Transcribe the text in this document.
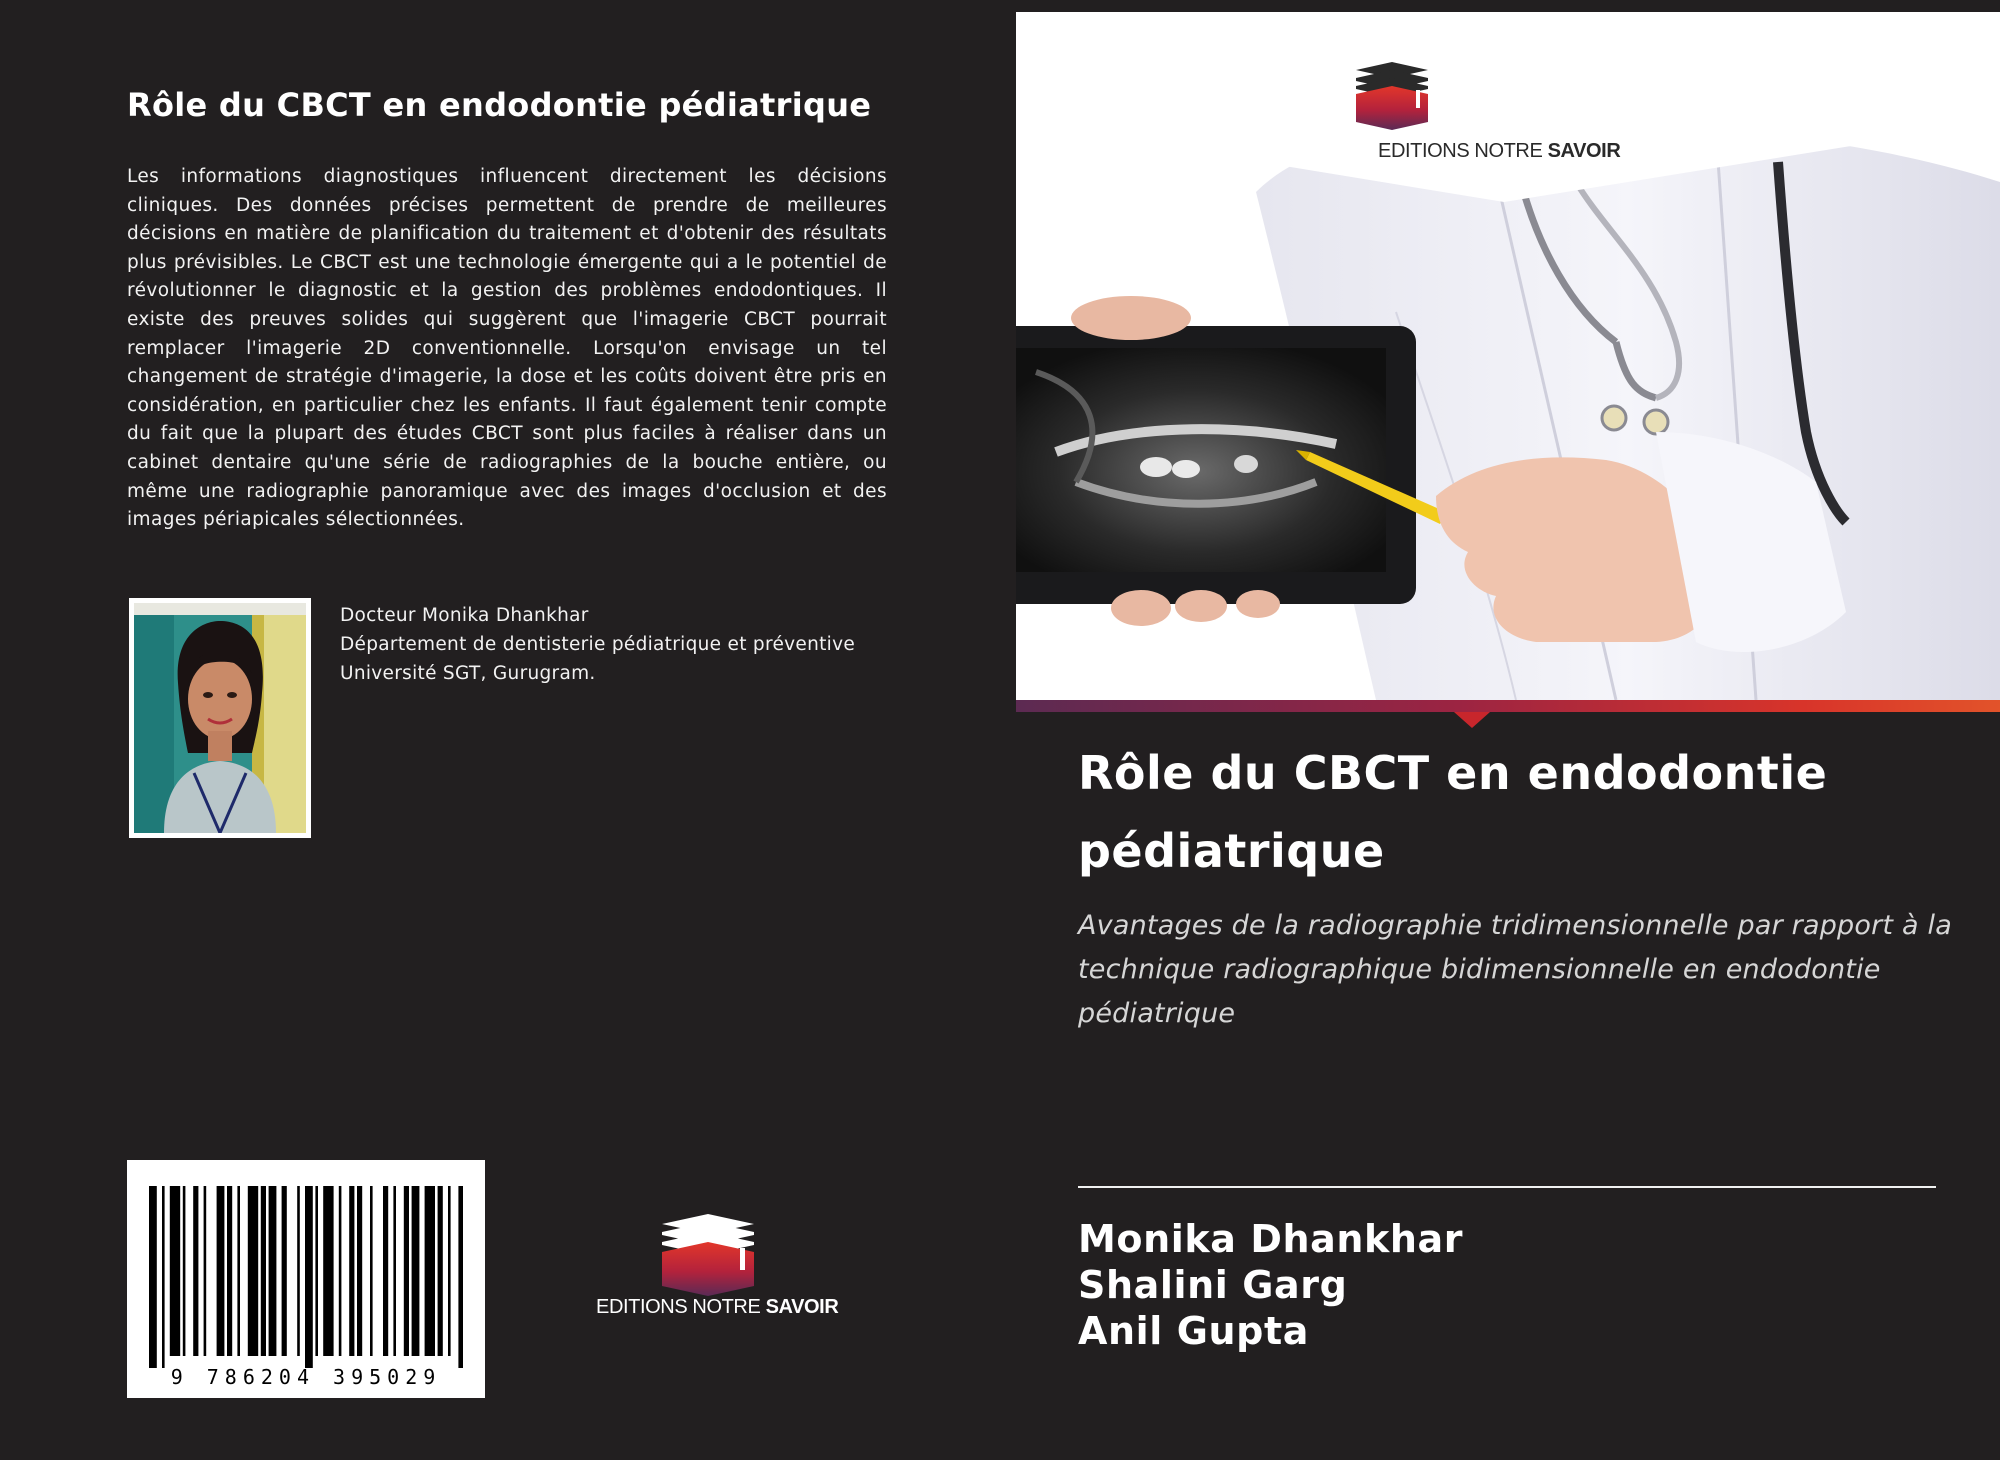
Rôle du CBCT en endodontie pédiatrique
Les informations diagnostiques influencent directement les décisions cliniques. Des données précises permettent de prendre de meilleures décisions en matière de planification du traitement et d'obtenir des résultats plus prévisibles. Le CBCT est une technologie émergente qui a le potentiel de révolutionner le diagnostic et la gestion des problèmes endodontiques. Il existe des preuves solides qui suggèrent que l'imagerie CBCT pourrait remplacer l'imagerie 2D conventionnelle. Lorsqu'on envisage un tel changement de stratégie d'imagerie, la dose et les coûts doivent être pris en considération, en particulier chez les enfants. Il faut également tenir compte du fait que la plupart des études CBCT sont plus faciles à réaliser dans un cabinet dentaire qu'une série de radiographies de la bouche entière, ou même une radiographie panoramique avec des images d'occlusion et des images périapicales sélectionnées.
Docteur Monika Dhankhar
Département de dentisterie pédiatrique et préventive
Université SGT, Gurugram.
9 786204 395029
EDITIONS NOTRE SAVOIR
EDITIONS NOTRE SAVOIR
Rôle du CBCT en endodontie pédiatrique
Avantages de la radiographie tridimensionnelle par rapport à la technique radiographique bidimensionnelle en endodontie pédiatrique
Monika Dhankhar
Shalini Garg
Anil Gupta
